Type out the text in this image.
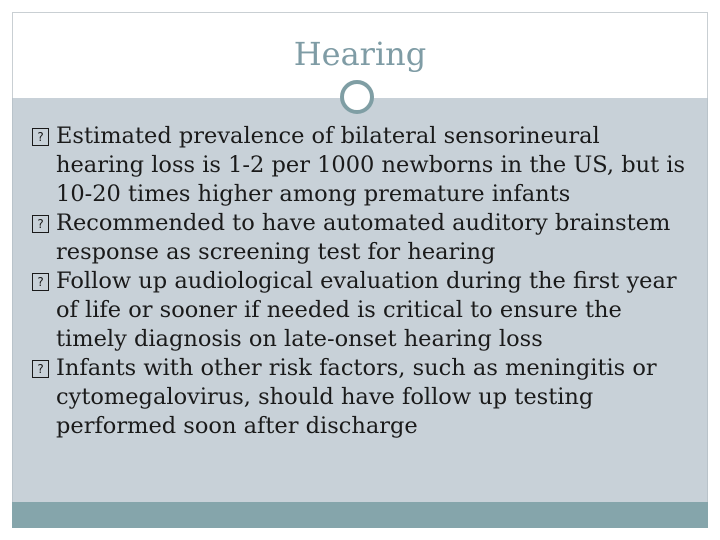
Hearing
? Estimated prevalence of bilateral sensorineural hearing loss is 1-2 per 1000 newborns in the US, but is 10-20 times higher among premature infants
? Recommended to have automated auditory brainstem response as screening test for hearing
? Follow up audiological evaluation during the first year of life or sooner if needed is critical to ensure the timely diagnosis on late-onset hearing loss
? Infants with other risk factors, such as meningitis or cytomegalovirus, should have follow up testing performed soon after discharge
